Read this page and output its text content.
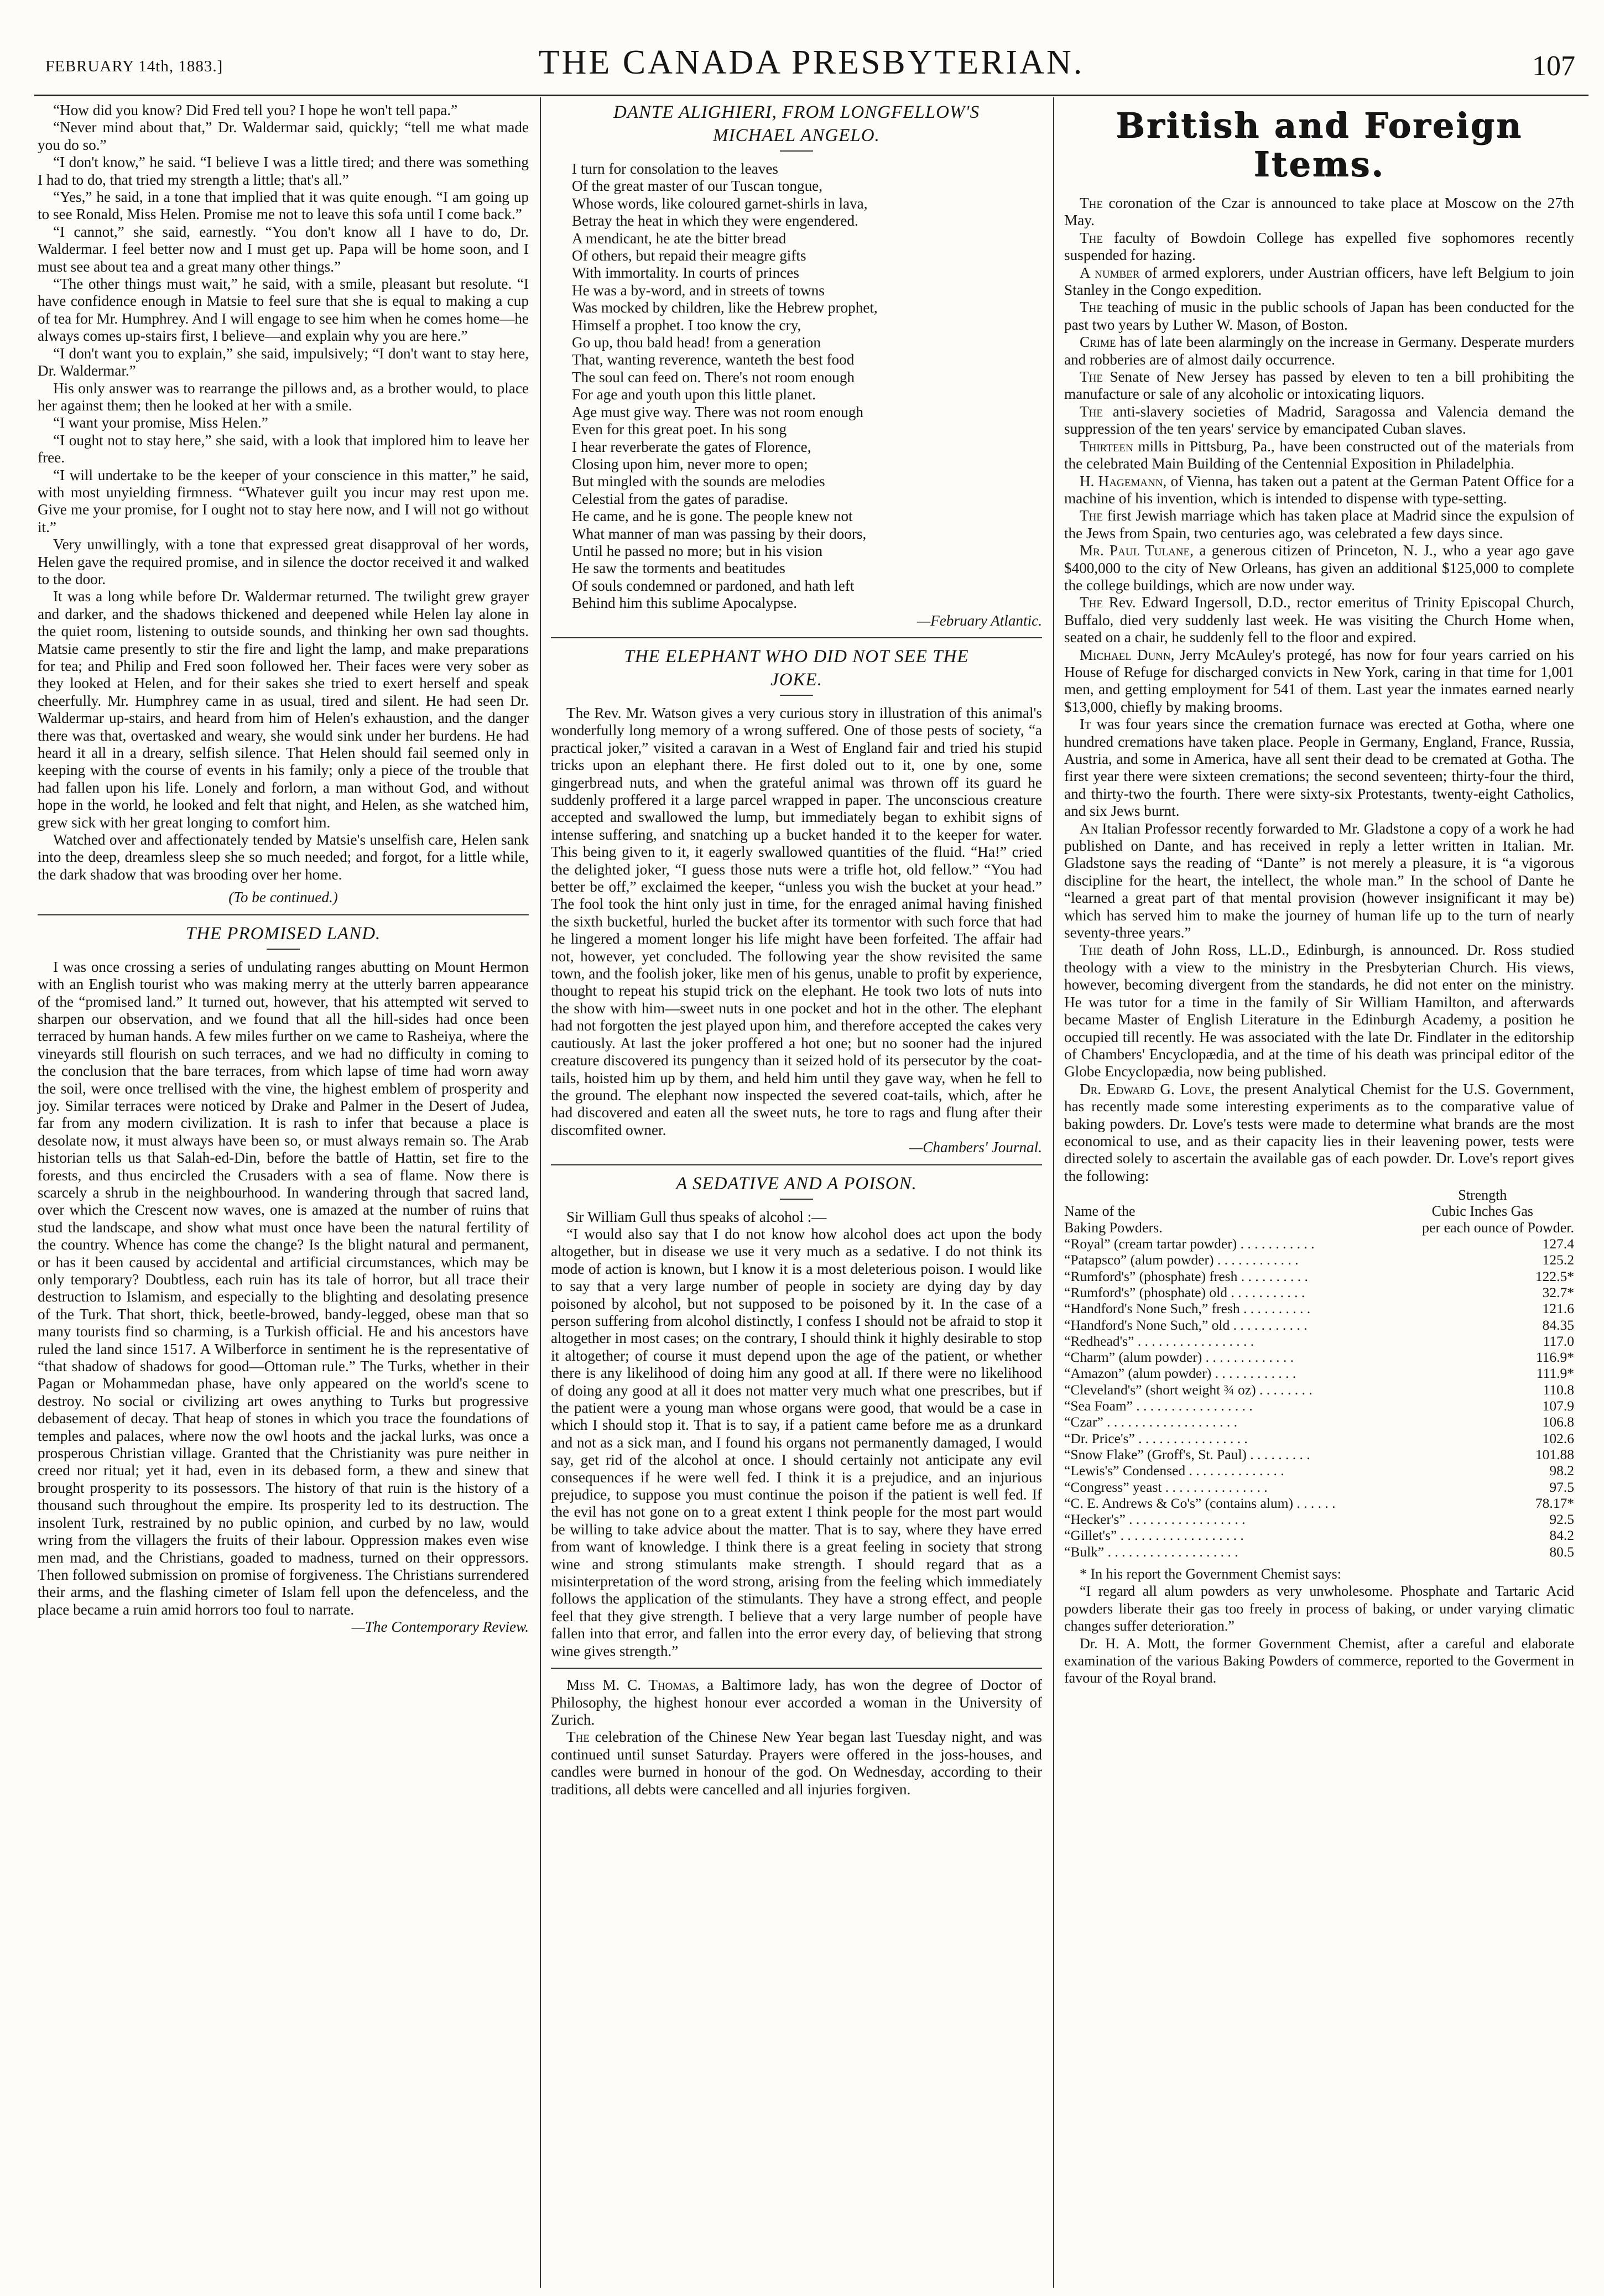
FEBRUARY 14th, 1883.]	THE CANADA PRESBYTERIAN.	107

“How did you know? Did Fred tell you? I hope he won't tell papa.”

“Never mind about that,” Dr. Waldermar said, quickly; “tell me what made you do so.”

“I don't know,” he said. “I believe I was a little tired; and there was something I had to do, that tried my strength a little; that's all.”

“Yes,” he said, in a tone that implied that it was quite enough. “I am going up to see Ronald, Miss Helen. Promise me not to leave this sofa until I come back.”

“I cannot,” she said, earnestly. “You don't know all I have to do, Dr. Waldermar. I feel better now and I must get up. Papa will be home soon, and I must see about tea and a great many other things.”

“The other things must wait,” he said, with a smile, pleasant but resolute. “I have confidence enough in Matsie to feel sure that she is equal to making a cup of tea for Mr. Humphrey. And I will engage to see him when he comes home—he always comes up-stairs first, I believe—and explain why you are here.”

“I don't want you to explain,” she said, impulsively; “I don't want to stay here, Dr. Waldermar.”

His only answer was to rearrange the pillows and, as a brother would, to place her against them; then he looked at her with a smile.

“I want your promise, Miss Helen.”

“I ought not to stay here,” she said, with a look that implored him to leave her free.

“I will undertake to be the keeper of your conscience in this matter,” he said, with most unyielding firmness. “Whatever guilt you incur may rest upon me. Give me your promise, for I ought not to stay here now, and I will not go without it.”

Very unwillingly, with a tone that expressed great disapproval of her words, Helen gave the required promise, and in silence the doctor received it and walked to the door.

It was a long while before Dr. Waldermar returned. The twilight grew grayer and darker, and the shadows thickened and deepened while Helen lay alone in the quiet room, listening to outside sounds, and thinking her own sad thoughts. Matsie came presently to stir the fire and light the lamp, and make preparations for tea; and Philip and Fred soon followed her. Their faces were very sober as they looked at Helen, and for their sakes she tried to exert herself and speak cheerfully. Mr. Humphrey came in as usual, tired and silent. He had seen Dr. Waldermar up-stairs, and heard from him of Helen's exhaustion, and the danger there was that, overtasked and weary, she would sink under her burdens. He had heard it all in a dreary, selfish silence. That Helen should fail seemed only in keeping with the course of events in his family; only a piece of the trouble that had fallen upon his life. Lonely and forlorn, a man without God, and without hope in the world, he looked and felt that night, and Helen, as she watched him, grew sick with her great longing to comfort him.

Watched over and affectionately tended by Matsie's unselfish care, Helen sank into the deep, dreamless sleep she so much needed; and forgot, for a little while, the dark shadow that was brooding over her home.

(To be continued.)

THE PROMISED LAND.

I was once crossing a series of undulating ranges abutting on Mount Hermon with an English tourist who was making merry at the utterly barren appearance of the “promised land.” It turned out, however, that his attempted wit served to sharpen our observation, and we found that all the hill-sides had once been terraced by human hands. A few miles further on we came to Rasheiya, where the vineyards still flourish on such terraces, and we had no difficulty in coming to the conclusion that the bare terraces, from which lapse of time had worn away the soil, were once trellised with the vine, the highest emblem of prosperity and joy. Similar terraces were noticed by Drake and Palmer in the Desert of Judea, far from any modern civilization. It is rash to infer that because a place is desolate now, it must always have been so, or must always remain so. The Arab historian tells us that Salah-ed-Din, before the battle of Hattin, set fire to the forests, and thus encircled the Crusaders with a sea of flame. Now there is scarcely a shrub in the neighbourhood. In wandering through that sacred land, over which the Crescent now waves, one is amazed at the number of ruins that stud the landscape, and show what must once have been the natural fertility of the country. Whence has come the change? Is the blight natural and permanent, or has it been caused by accidental and artificial circumstances, which may be only temporary? Doubtless, each ruin has its tale of horror, but all trace their destruction to Islamism, and especially to the blighting and desolating presence of the Turk. That short, thick, beetle-browed, bandy-legged, obese man that so many tourists find so charming, is a Turkish official. He and his ancestors have ruled the land since 1517. A Wilberforce in sentiment he is the representative of “that shadow of shadows for good—Ottoman rule.” The Turks, whether in their Pagan or Mohammedan phase, have only appeared on the world's scene to destroy. No social or civilizing art owes anything to Turks but progressive debasement of decay. That heap of stones in which you trace the foundations of temples and palaces, where now the owl hoots and the jackal lurks, was once a prosperous Christian village. Granted that the Christianity was pure neither in creed nor ritual; yet it had, even in its debased form, a thew and sinew that brought prosperity to its possessors. The history of that ruin is the history of a thousand such throughout the empire. Its prosperity led to its destruction. The insolent Turk, restrained by no public opinion, and curbed by no law, would wring from the villagers the fruits of their labour. Oppression makes even wise men mad, and the Christians, goaded to madness, turned on their oppressors. Then followed submission on promise of forgiveness. The Christians surrendered their arms, and the flashing cimeter of Islam fell upon the defenceless, and the place became a ruin amid horrors too foul to narrate.

—The Contemporary Review.

DANTE ALIGHIERI, FROM LONGFELLOW'S

MICHAEL ANGELO.

I turn for consolation to the leaves

Of the great master of our Tuscan tongue,

Whose words, like coloured garnet-shirls in lava,

Betray the heat in which they were engendered.

A mendicant, he ate the bitter bread

Of others, but repaid their meagre gifts

With immortality. In courts of princes

He was a by-word, and in streets of towns

Was mocked by children, like the Hebrew prophet,

Himself a prophet. I too know the cry,

Go up, thou bald head! from a generation

That, wanting reverence, wanteth the best food

The soul can feed on. There's not room enough

For age and youth upon this little planet.

Age must give way. There was not room enough

Even for this great poet. In his song

I hear reverberate the gates of Florence,

Closing upon him, never more to open;

But mingled with the sounds are melodies

Celestial from the gates of paradise.

He came, and he is gone. The people knew not

What manner of man was passing by their doors,

Until he passed no more; but in his vision

He saw the torments and beatitudes

Of souls condemned or pardoned, and hath left

Behind him this sublime Apocalypse.

—February Atlantic.

THE ELEPHANT WHO DID NOT SEE THE

JOKE.

The Rev. Mr. Watson gives a very curious story in illustration of this animal's wonderfully long memory of a wrong suffered. One of those pests of society, “a practical joker,” visited a caravan in a West of England fair and tried his stupid tricks upon an elephant there. He first doled out to it, one by one, some gingerbread nuts, and when the grateful animal was thrown off its guard he suddenly proffered it a large parcel wrapped in paper. The unconscious creature accepted and swallowed the lump, but immediately began to exhibit signs of intense suffering, and snatching up a bucket handed it to the keeper for water. This being given to it, it eagerly swallowed quantities of the fluid. “Ha!” cried the delighted joker, “I guess those nuts were a trifle hot, old fellow.” “You had better be off,” exclaimed the keeper, “unless you wish the bucket at your head.” The fool took the hint only just in time, for the enraged animal having finished the sixth bucketful, hurled the bucket after its tormentor with such force that had he lingered a moment longer his life might have been forfeited. The affair had not, however, yet concluded. The following year the show revisited the same town, and the foolish joker, like men of his genus, unable to profit by experience, thought to repeat his stupid trick on the elephant. He took two lots of nuts into the show with him—sweet nuts in one pocket and hot in the other. The elephant had not forgotten the jest played upon him, and therefore accepted the cakes very cautiously. At last the joker proffered a hot one; but no sooner had the injured creature discovered its pungency than it seized hold of its persecutor by the coat-tails, hoisted him up by them, and held him until they gave way, when he fell to the ground. The elephant now inspected the severed coat-tails, which, after he had discovered and eaten all the sweet nuts, he tore to rags and flung after their discomfited owner.

—Chambers' Journal.

A SEDATIVE AND A POISON.

Sir William Gull thus speaks of alcohol :—

“I would also say that I do not know how alcohol does act upon the body altogether, but in disease we use it very much as a sedative. I do not think its mode of action is known, but I know it is a most deleterious poison. I would like to say that a very large number of people in society are dying day by day poisoned by alcohol, but not supposed to be poisoned by it. In the case of a person suffering from alcohol distinctly, I confess I should not be afraid to stop it altogether in most cases; on the contrary, I should think it highly desirable to stop it altogether; of course it must depend upon the age of the patient, or whether there is any likelihood of doing him any good at all. If there were no likelihood of doing any good at all it does not matter very much what one prescribes, but if the patient were a young man whose organs were good, that would be a case in which I should stop it. That is to say, if a patient came before me as a drunkard and not as a sick man, and I found his organs not permanently damaged, I would say, get rid of the alcohol at once. I should certainly not anticipate any evil consequences if he were well fed. I think it is a prejudice, and an injurious prejudice, to suppose you must continue the poison if the patient is well fed. If the evil has not gone on to a great extent I think people for the most part would be willing to take advice about the matter. That is to say, where they have erred from want of knowledge. I think there is a great feeling in society that strong wine and strong stimulants make strength. I should regard that as a misinterpretation of the word strong, arising from the feeling which immediately follows the application of the stimulants. They have a strong effect, and people feel that they give strength. I believe that a very large number of people have fallen into that error, and fallen into the error every day, of believing that strong wine gives strength.”

Miss M. C. Thomas, a Baltimore lady, has won the degree of Doctor of Philosophy, the highest honour ever accorded a woman in the University of Zurich.

The celebration of the Chinese New Year began last Tuesday night, and was continued until sunset Saturday. Prayers were offered in the joss-houses, and candles were burned in honour of the god. On Wednesday, according to their traditions, all debts were cancelled and all injuries forgiven.

British and Foreign Items.

The coronation of the Czar is announced to take place at Moscow on the 27th May.

The faculty of Bowdoin College has expelled five sophomores recently suspended for hazing.

A number of armed explorers, under Austrian officers, have left Belgium to join Stanley in the Congo expedition.

The teaching of music in the public schools of Japan has been conducted for the past two years by Luther W. Mason, of Boston.

Crime has of late been alarmingly on the increase in Germany. Desperate murders and robberies are of almost daily occurrence.

The Senate of New Jersey has passed by eleven to ten a bill prohibiting the manufacture or sale of any alcoholic or intoxicating liquors.

The anti-slavery societies of Madrid, Saragossa and Valencia demand the suppression of the ten years' service by emancipated Cuban slaves.

Thirteen mills in Pittsburg, Pa., have been constructed out of the materials from the celebrated Main Building of the Centennial Exposition in Philadelphia.

H. Hagemann, of Vienna, has taken out a patent at the German Patent Office for a machine of his invention, which is intended to dispense with type-setting.

The first Jewish marriage which has taken place at Madrid since the expulsion of the Jews from Spain, two centuries ago, was celebrated a few days since.

Mr. Paul Tulane, a generous citizen of Princeton, N. J., who a year ago gave $400,000 to the city of New Orleans, has given an additional $125,000 to complete the college buildings, which are now under way.

The Rev. Edward Ingersoll, D.D., rector emeritus of Trinity Episcopal Church, Buffalo, died very suddenly last week. He was visiting the Church Home when, seated on a chair, he suddenly fell to the floor and expired.

Michael Dunn, Jerry McAuley's protegé, has now for four years carried on his House of Refuge for discharged convicts in New York, caring in that time for 1,001 men, and getting employment for 541 of them. Last year the inmates earned nearly $13,000, chiefly by making brooms.

It was four years since the cremation furnace was erected at Gotha, where one hundred cremations have taken place. People in Germany, England, France, Russia, Austria, and some in America, have all sent their dead to be cremated at Gotha. The first year there were sixteen cremations; the second seventeen; thirty-four the third, and thirty-two the fourth. There were sixty-six Protestants, twenty-eight Catholics, and six Jews burnt.

An Italian Professor recently forwarded to Mr. Gladstone a copy of a work he had published on Dante, and has received in reply a letter written in Italian. Mr. Gladstone says the reading of “Dante” is not merely a pleasure, it is “a vigorous discipline for the heart, the intellect, the whole man.” In the school of Dante he “learned a great part of that mental provision (however insignificant it may be) which has served him to make the journey of human life up to the turn of nearly seventy-three years.”

The death of John Ross, LL.D., Edinburgh, is announced. Dr. Ross studied theology with a view to the ministry in the Presbyterian Church. His views, however, becoming divergent from the standards, he did not enter on the ministry. He was tutor for a time in the family of Sir William Hamilton, and afterwards became Master of English Literature in the Edinburgh Academy, a position he occupied till recently. He was associated with the late Dr. Findlater in the editorship of Chambers' Encyclopædia, and at the time of his death was principal editor of the Globe Encyclopædia, now being published.

Dr. Edward G. Love, the present Analytical Chemist for the U.S. Government, has recently made some interesting experiments as to the comparative value of baking powders. Dr. Love's tests were made to determine what brands are the most economical to use, and as their capacity lies in their leavening power, tests were directed solely to ascertain the available gas of each powder. Dr. Love's report gives the following:

	Strength
Name of the	Cubic Inches Gas
Baking Powders.	per each ounce of Powder.
“Royal” (cream tartar powder) . . . . . . . . . . .	127.4
“Patapsco” (alum powder) . . . . . . . . . . . .	125.2
“Rumford's” (phosphate) fresh . . . . . . . . . .	122.5*
“Rumford's” (phosphate) old . . . . . . . . . . .	32.7*
“Handford's None Such,” fresh . . . . . . . . . .	121.6
“Handford's None Such,” old . . . . . . . . . . .	84.35
“Redhead's” . . . . . . . . . . . . . . . . .	117.0
“Charm” (alum powder) . . . . . . . . . . . . .	116.9*
“Amazon” (alum powder) . . . . . . . . . . . .	111.9*
“Cleveland's” (short weight ¾ oz) . . . . . . . .	110.8
“Sea Foam” . . . . . . . . . . . . . . . . .	107.9
“Czar” . . . . . . . . . . . . . . . . . . .	106.8
“Dr. Price's” . . . . . . . . . . . . . . . .	102.6
“Snow Flake” (Groff's, St. Paul) . . . . . . . . .	101.88
“Lewis's” Condensed . . . . . . . . . . . . . .	98.2
“Congress” yeast . . . . . . . . . . . . . . .	97.5
“C. E. Andrews & Co's” (contains alum) . . . . . .	78.17*
“Hecker's” . . . . . . . . . . . . . . . . .	92.5
“Gillet's” . . . . . . . . . . . . . . . . . .	84.2
“Bulk” . . . . . . . . . . . . . . . . . . .	80.5

* In his report the Government Chemist says:

“I regard all alum powders as very unwholesome. Phosphate and Tartaric Acid powders liberate their gas too freely in process of baking, or under varying climatic changes suffer deterioration.”

Dr. H. A. Mott, the former Government Chemist, after a careful and elaborate examination of the various Baking Powders of commerce, reported to the Goverment in favour of the Royal brand.
